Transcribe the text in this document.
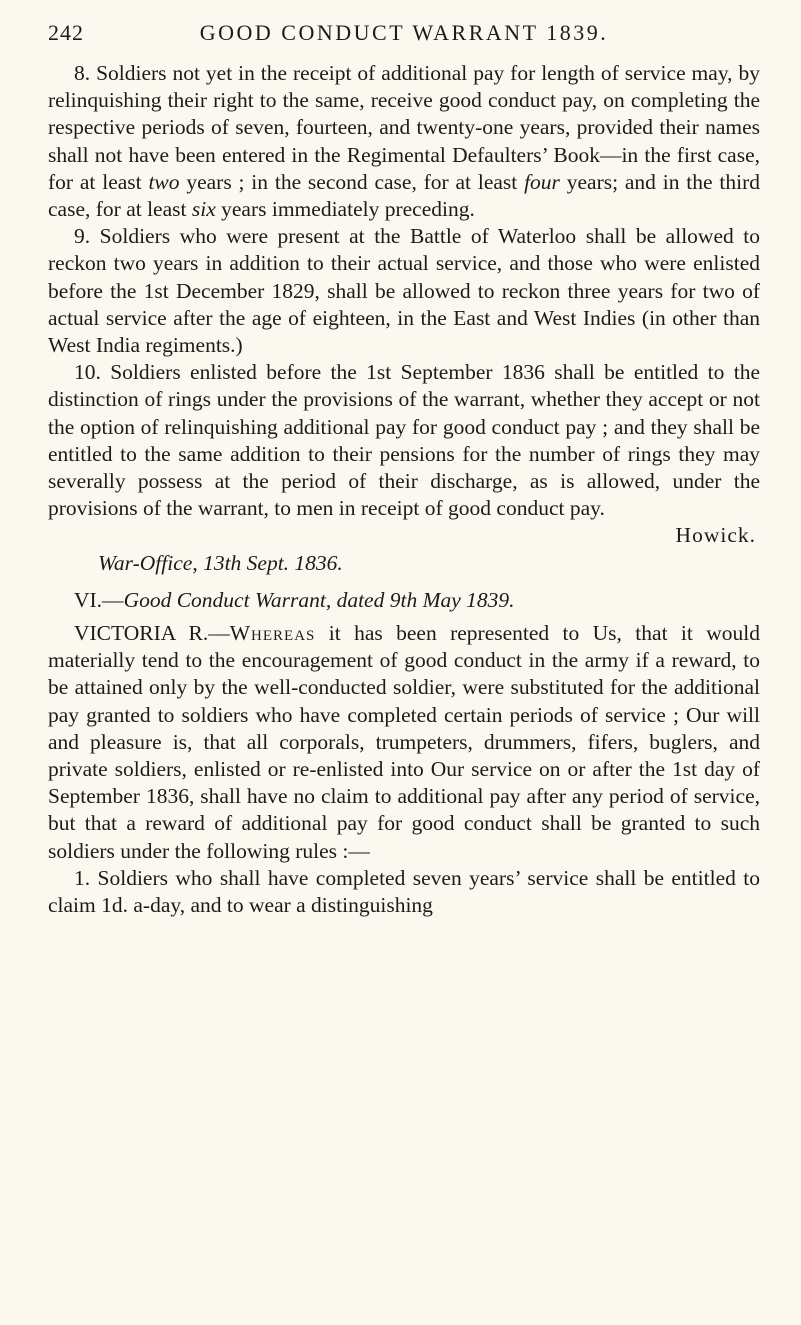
242	GOOD CONDUCT WARRANT 1839.

8. Soldiers not yet in the receipt of additional pay for length of service may, by relinquishing their right to the same, receive good conduct pay, on completing the respective periods of seven, fourteen, and twenty-one years, provided their names shall not have been entered in the Regimental Defaulters’ Book—in the first case, for at least two years ; in the second case, for at least four years; and in the third case, for at least six years immediately preceding.

9. Soldiers who were present at the Battle of Waterloo shall be allowed to reckon two years in addition to their actual service, and those who were enlisted before the 1st December 1829, shall be allowed to reckon three years for two of actual service after the age of eighteen, in the East and West Indies (in other than West India regiments.)

10. Soldiers enlisted before the 1st September 1836 shall be entitled to the distinction of rings under the provisions of the warrant, whether they accept or not the option of relinquishing additional pay for good conduct pay ; and they shall be entitled to the same addition to their pensions for the number of rings they may severally possess at the period of their discharge, as is allowed, under the provisions of the warrant, to men in receipt of good conduct pay.

Howick.

War-Office, 13th Sept. 1836.

VI.—Good Conduct Warrant, dated 9th May 1839.

VICTORIA R.—Whereas it has been represented to Us, that it would materially tend to the encouragement of good conduct in the army if a reward, to be attained only by the well-conducted soldier, were substituted for the additional pay granted to soldiers who have completed certain periods of service ; Our will and pleasure is, that all corporals, trumpeters, drummers, fifers, buglers, and private soldiers, enlisted or re-enlisted into Our service on or after the 1st day of September 1836, shall have no claim to additional pay after any period of service, but that a reward of additional pay for good conduct shall be granted to such soldiers under the following rules :—

1. Soldiers who shall have completed seven years’ service shall be entitled to claim 1d. a-day, and to wear a distinguishing
